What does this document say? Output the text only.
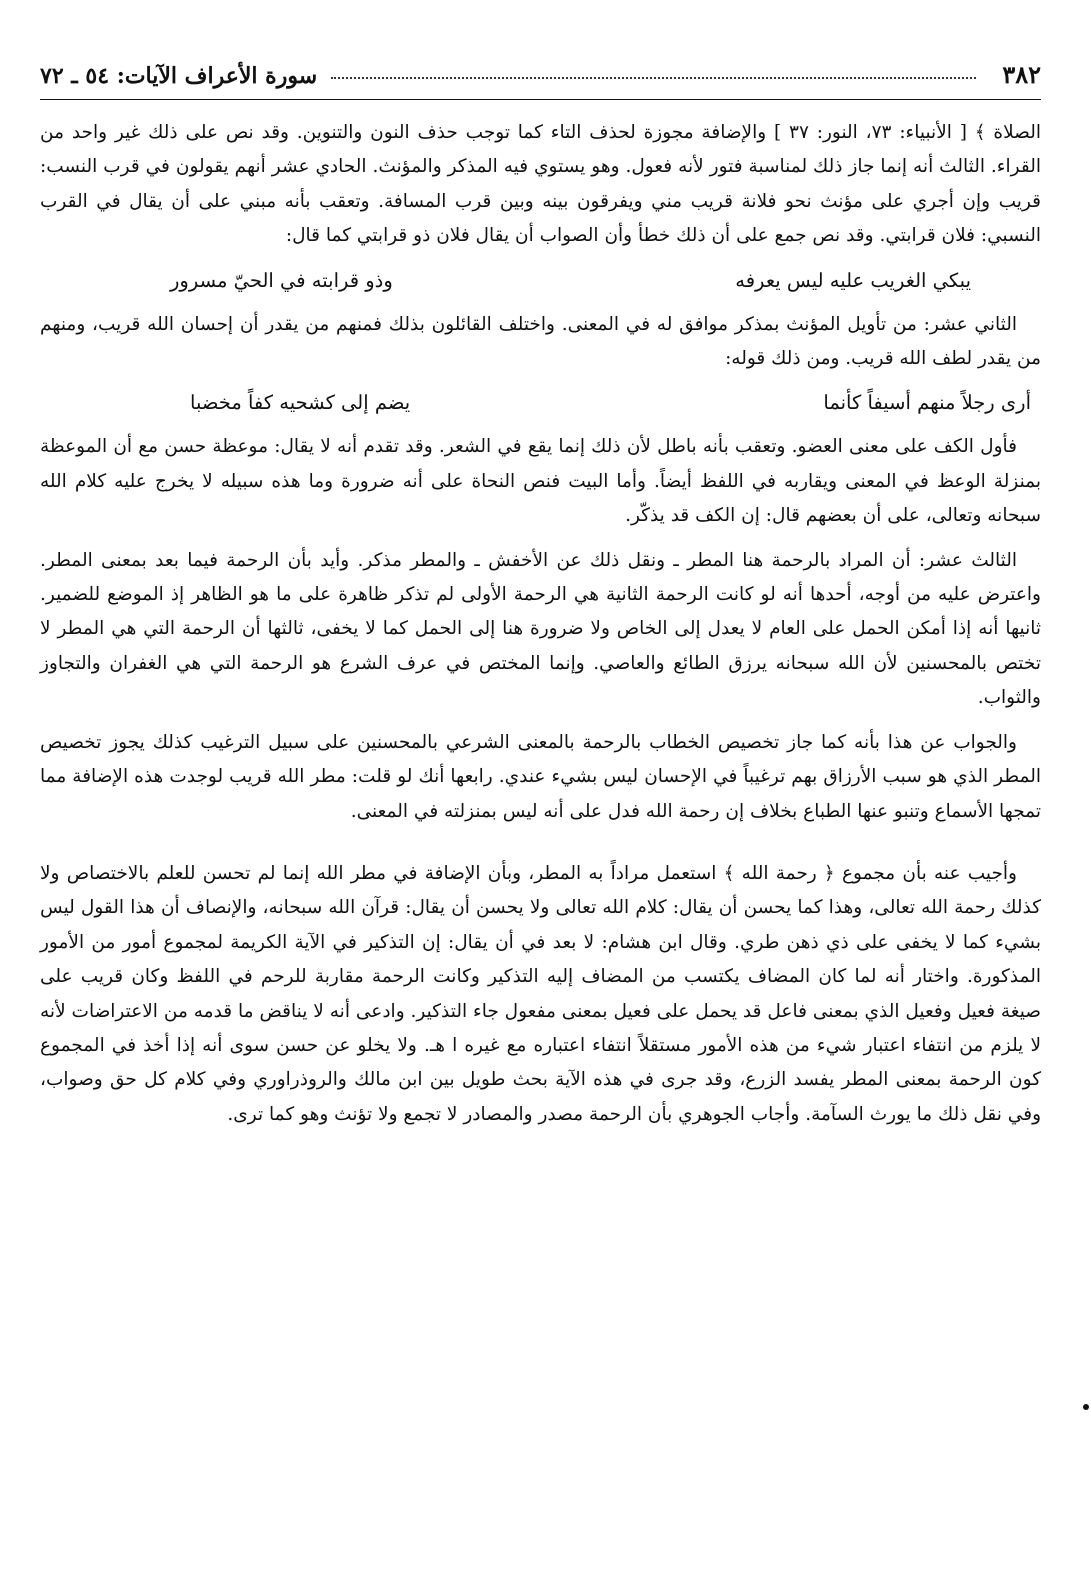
٣٨٢
سورة الأعراف الآيات: ٥٤ ـ ٧٢

الصلاة ﴾ [ الأنبياء: ٧٣، النور: ٣٧ ] والإضافة مجوزة لحذف التاء كما توجب حذف النون والتنوين. وقد نص على ذلك غير واحد من القراء. الثالث أنه إنما جاز ذلك لمناسبة فتور لأنه فعول. وهو يستوي فيه المذكر والمؤنث. الحادي عشر أنهم يقولون في قرب النسب: قريب وإن أجري على مؤنث نحو فلانة قريب مني ويفرقون بينه وبين قرب المسافة. وتعقب بأنه مبني على أن يقال في القرب النسبي: فلان قرابتي. وقد نص جمع على أن ذلك خطأ وأن الصواب أن يقال فلان ذو قرابتي كما قال:

يبكي الغريب عليه ليس يعرفه
وذو قرابته في الحيّ مسرور

الثاني عشر: من تأويل المؤنث بمذكر موافق له في المعنى. واختلف القائلون بذلك فمنهم من يقدر أن إحسان الله قريب، ومنهم من يقدر لطف الله قريب. ومن ذلك قوله:

أرى رجلاً منهم أسيفاً كأنما
يضم إلى كشحيه كفاً مخضبا

فأول الكف على معنى العضو. وتعقب بأنه باطل لأن ذلك إنما يقع في الشعر. وقد تقدم أنه لا يقال: موعظة حسن مع أن الموعظة بمنزلة الوعظ في المعنى ويقاربه في اللفظ أيضاً. وأما البيت فنص النحاة على أنه ضرورة وما هذه سبيله لا يخرج عليه كلام الله سبحانه وتعالى، على أن بعضهم قال: إن الكف قد يذكّر.

الثالث عشر: أن المراد بالرحمة هنا المطر ـ ونقل ذلك عن الأخفش ـ والمطر مذكر. وأيد بأن الرحمة فيما بعد بمعنى المطر. واعترض عليه من أوجه، أحدها أنه لو كانت الرحمة الثانية هي الرحمة الأولى لم تذكر ظاهرة على ما هو الظاهر إذ الموضع للضمير. ثانيها أنه إذا أمكن الحمل على العام لا يعدل إلى الخاص ولا ضرورة هنا إلى الحمل كما لا يخفى، ثالثها أن الرحمة التي هي المطر لا تختص بالمحسنين لأن الله سبحانه يرزق الطائع والعاصي. وإنما المختص في عرف الشرع هو الرحمة التي هي الغفران والتجاوز والثواب.

والجواب عن هذا بأنه كما جاز تخصيص الخطاب بالرحمة بالمعنى الشرعي بالمحسنين على سبيل الترغيب كذلك يجوز تخصيص المطر الذي هو سبب الأرزاق بهم ترغيباً في الإحسان ليس بشيء عندي. رابعها أنك لو قلت: مطر الله قريب لوجدت هذه الإضافة مما تمجها الأسماع وتنبو عنها الطباع بخلاف إن رحمة الله فدل على أنه ليس بمنزلته في المعنى.

وأجيب عنه بأن مجموع ﴿ رحمة الله ﴾ استعمل مراداً به المطر، وبأن الإضافة في مطر الله إنما لم تحسن للعلم بالاختصاص ولا كذلك رحمة الله تعالى، وهذا كما يحسن أن يقال: كلام الله تعالى ولا يحسن أن يقال: قرآن الله سبحانه، والإنصاف أن هذا القول ليس بشيء كما لا يخفى على ذي ذهن طري. وقال ابن هشام: لا بعد في أن يقال: إن التذكير في الآية الكريمة لمجموع أمور من الأمور المذكورة. واختار أنه لما كان المضاف يكتسب من المضاف إليه التذكير وكانت الرحمة مقاربة للرحم في اللفظ وكان قريب على صيغة فعيل وفعيل الذي بمعنى فاعل قد يحمل على فعيل بمعنى مفعول جاء التذكير. وادعى أنه لا يناقض ما قدمه من الاعتراضات لأنه لا يلزم من انتفاء اعتبار شيء من هذه الأمور مستقلاً انتفاء اعتباره مع غيره ا هـ. ولا يخلو عن حسن سوى أنه إذا أخذ في المجموع كون الرحمة بمعنى المطر يفسد الزرع، وقد جرى في هذه الآية بحث طويل بين ابن مالك والروذراوري وفي كلام كل حق وصواب، وفي نقل ذلك ما يورث السآمة. وأجاب الجوهري بأن الرحمة مصدر والمصادر لا تجمع ولا تؤنث وهو كما ترى.
